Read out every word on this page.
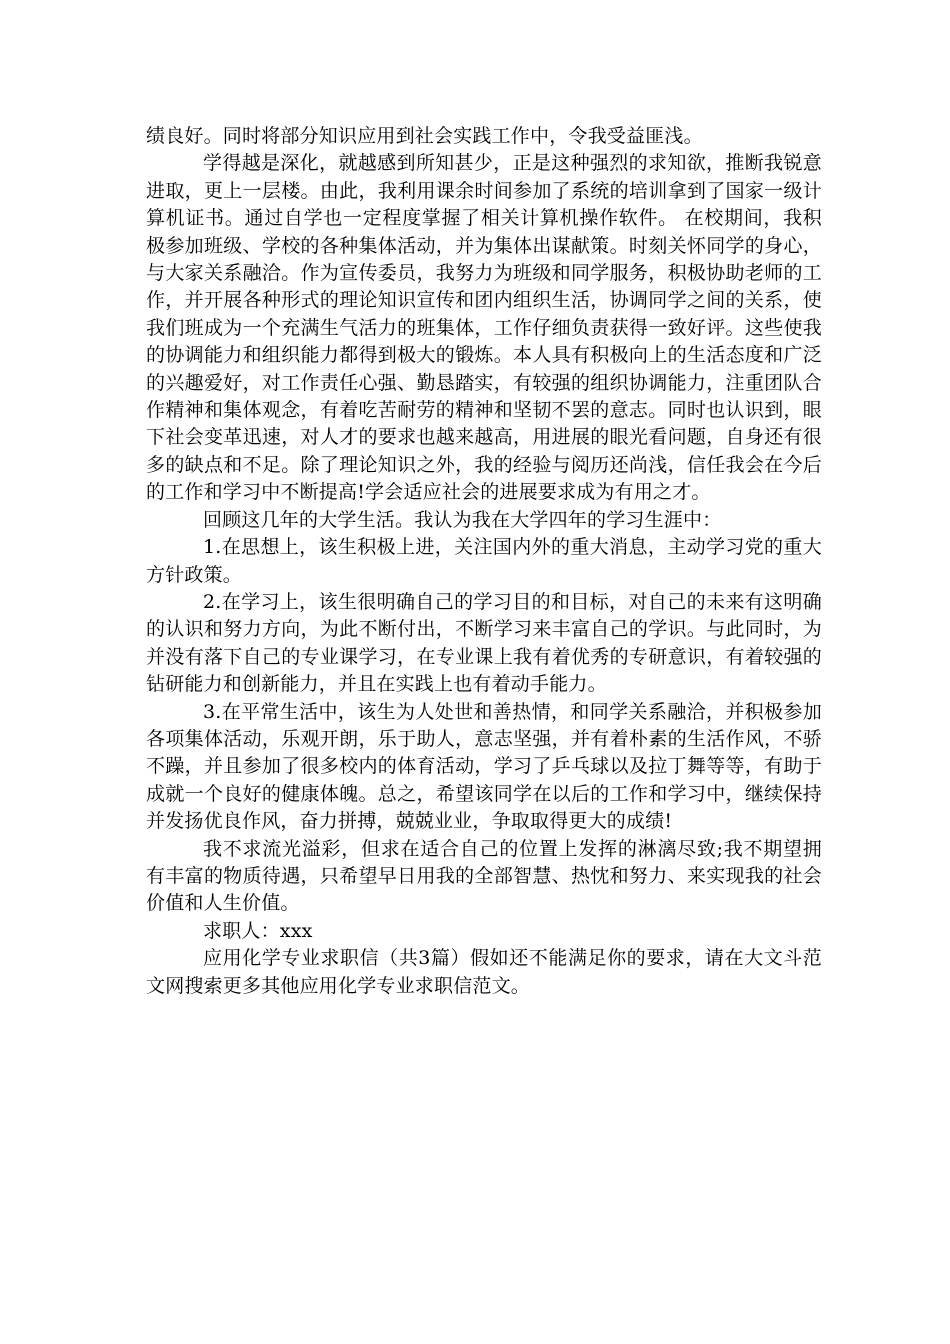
绩良好。同时将部分知识应用到社会实践工作中，令我受益匪浅。

学得越是深化，就越感到所知甚少，正是这种强烈的求知欲，推断我锐意进取，更上一层楼。由此，我利用课余时间参加了系统的培训拿到了国家一级计算机证书。通过自学也一定程度掌握了相关计算机操作软件。 在校期间，我积极参加班级、学校的各种集体活动，并为集体出谋献策。时刻关怀同学的身心，与大家关系融洽。作为宣传委员，我努力为班级和同学服务，积极协助老师的工作，并开展各种形式的理论知识宣传和团内组织生活，协调同学之间的关系，使我们班成为一个充满生气活力的班集体，工作仔细负责获得一致好评。这些使我的协调能力和组织能力都得到极大的锻炼。本人具有积极向上的生活态度和广泛的兴趣爱好，对工作责任心强、勤恳踏实，有较强的组织协调能力，注重团队合作精神和集体观念，有着吃苦耐劳的精神和坚韧不罢的意志。同时也认识到，眼下社会变革迅速，对人才的要求也越来越高，用进展的眼光看问题，自身还有很多的缺点和不足。除了理论知识之外，我的经验与阅历还尚浅，信任我会在今后的工作和学习中不断提高!学会适应社会的进展要求成为有用之才。

回顾这几年的大学生活。我认为我在大学四年的学习生涯中：

1.在思想上，该生积极上进，关注国内外的重大消息，主动学习党的重大方针政策。

2.在学习上，该生很明确自己的学习目的和目标，对自己的未来有这明确的认识和努力方向，为此不断付出，不断学习来丰富自己的学识。与此同时，为并没有落下自己的专业课学习，在专业课上我有着优秀的专研意识，有着较强的钻研能力和创新能力，并且在实践上也有着动手能力。

3.在平常生活中，该生为人处世和善热情，和同学关系融洽，并积极参加各项集体活动，乐观开朗，乐于助人，意志坚强，并有着朴素的生活作风，不骄不躁，并且参加了很多校内的体育活动，学习了乒乓球以及拉丁舞等等，有助于成就一个良好的健康体魄。总之，希望该同学在以后的工作和学习中，继续保持并发扬优良作风，奋力拼搏，兢兢业业，争取取得更大的成绩!

我不求流光溢彩，但求在适合自己的位置上发挥的淋漓尽致;我不期望拥有丰富的物质待遇，只希望早日用我的全部智慧、热忱和努力、来实现我的社会价值和人生价值。

求职人：xxx

应用化学专业求职信（共3篇）假如还不能满足你的要求，请在大文斗范文网搜索更多其他应用化学专业求职信范文。
